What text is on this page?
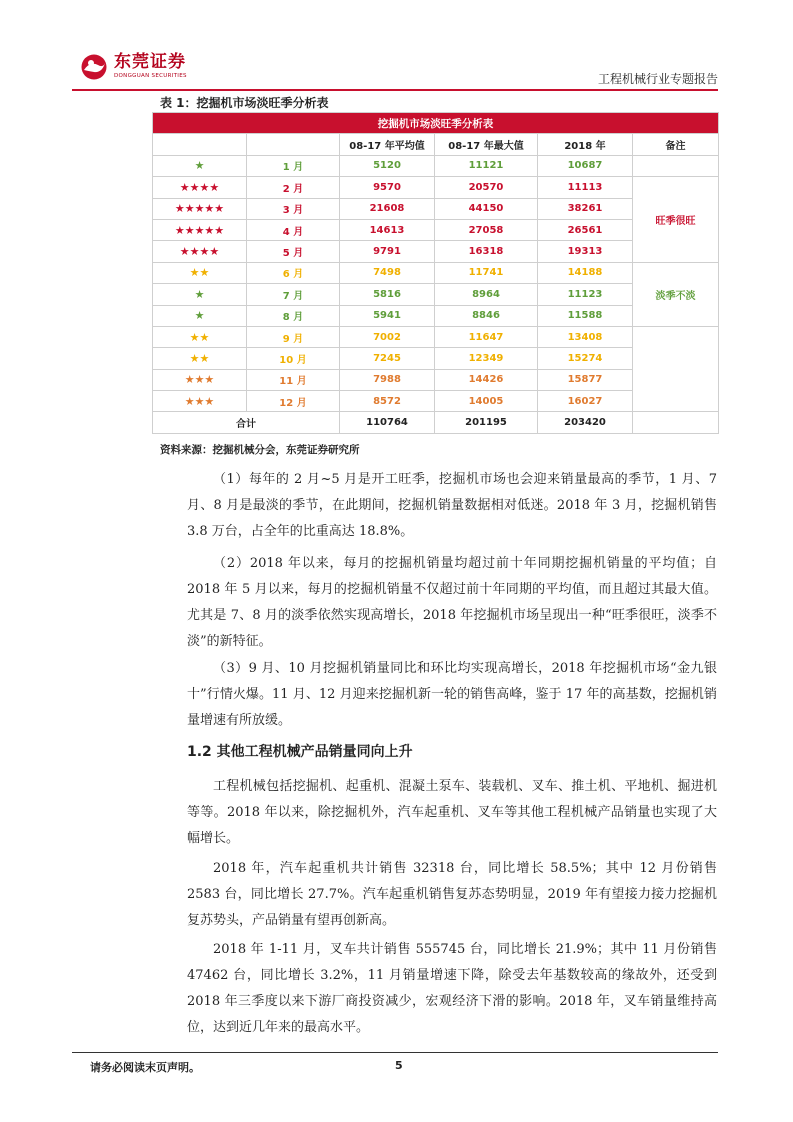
东莞证券
DONGGUAN SECURITIES	工程机械行业专题报告
表 1：挖掘机市场淡旺季分析表
挖掘机市场淡旺季分析表					
		08-17 年平均值	08-17 年最大值	2018 年	备注
★	1 月	5120	11121	10687	
★★★★	2 月	9570	20570	11113	旺季很旺
★★★★★	3 月	21608	44150	38261	
★★★★★	4 月	14613	27058	26561	
★★★★	5 月	9791	16318	19313	
★★	6 月	7498	11741	14188	淡季不淡
★	7 月	5816	8964	11123	
★	8 月	5941	8846	11588	
★★	9 月	7002	11647	13408	
★★	10 月	7245	12349	15274	
★★★	11 月	7988	14426	15877	
★★★	12 月	8572	14005	16027	
合计		110764	201195	203420	
资料来源：挖掘机械分会，东莞证券研究所

（1）每年的 2 月~5 月是开工旺季，挖掘机市场也会迎来销量最高的季节，1 月、7 月、8 月是最淡的季节，在此期间，挖掘机销量数据相对低迷。2018 年 3 月，挖掘机销售 3.8 万台，占全年的比重高达 18.8%。

（2）2018 年以来，每月的挖掘机销量均超过前十年同期挖掘机销量的平均值；自 2018 年 5 月以来，每月的挖掘机销量不仅超过前十年同期的平均值，而且超过其最大值。尤其是 7、8 月的淡季依然实现高增长，2018 年挖掘机市场呈现出一种“旺季很旺，淡季不淡”的新特征。

（3）9 月、10 月挖掘机销量同比和环比均实现高增长，2018 年挖掘机市场“金九银十”行情火爆。11 月、12 月迎来挖掘机新一轮的销售高峰，鉴于 17 年的高基数，挖掘机销量增速有所放缓。

1.2 其他工程机械产品销量同向上升

工程机械包括挖掘机、起重机、混凝土泵车、装载机、叉车、推土机、平地机、掘进机等等。2018 年以来，除挖掘机外，汽车起重机、叉车等其他工程机械产品销量也实现了大幅增长。

2018 年，汽车起重机共计销售 32318 台，同比增长 58.5%；其中 12 月份销售 2583 台，同比增长 27.7%。汽车起重机销售复苏态势明显，2019 年有望接力接力挖掘机复苏势头，产品销量有望再创新高。

2018 年 1-11 月，叉车共计销售 555745 台，同比增长 21.9%；其中 11 月份销售 47462 台，同比增长 3.2%，11 月销量增速下降，除受去年基数较高的缘故外，还受到 2018 年三季度以来下游厂商投资减少，宏观经济下滑的影响。2018 年，叉车销量维持高位，达到近几年来的最高水平。

请务必阅读末页声明。	5
